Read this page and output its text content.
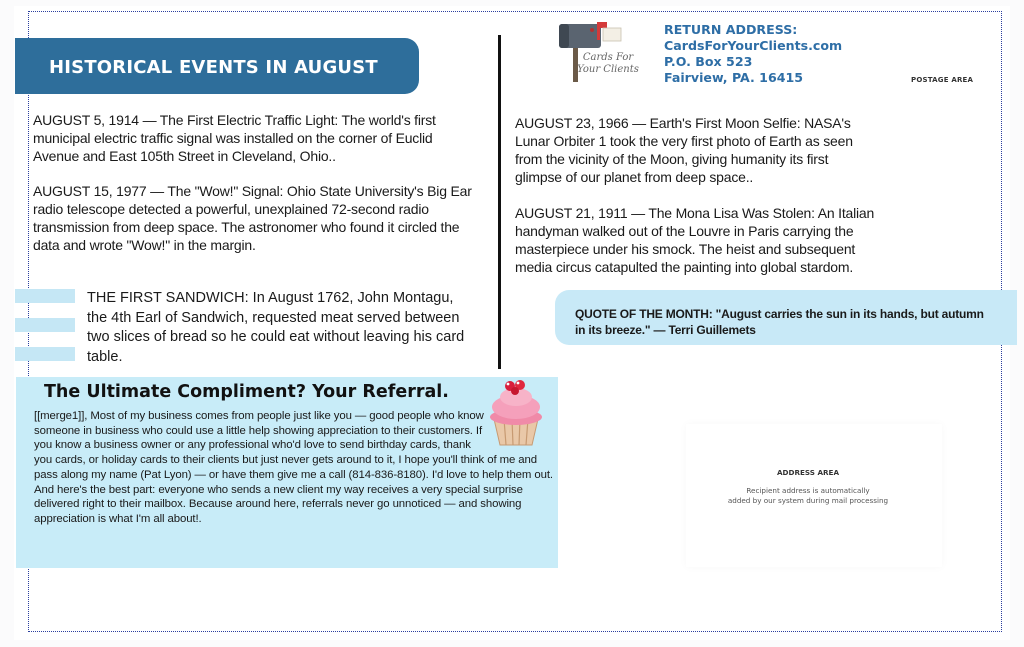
HISTORICAL EVENTS IN AUGUST

AUGUST 5, 1914 — The First Electric Traffic Light: The world's first municipal electric traffic signal was installed on the corner of Euclid Avenue and East 105th Street in Cleveland, Ohio..

AUGUST 15, 1977 — The "Wow!" Signal: Ohio State University's Big Ear radio telescope detected a powerful, unexplained 72-second radio transmission from deep space. The astronomer who found it circled the data and wrote "Wow!" in the margin.

THE FIRST SANDWICH: In August 1762, John Montagu, the 4th Earl of Sandwich, requested meat served between two slices of bread so he could eat without leaving his card table.

AUGUST 23, 1966 — Earth's First Moon Selfie: NASA's Lunar Orbiter 1 took the very first photo of Earth as seen from the vicinity of the Moon, giving humanity its first glimpse of our planet from deep space..

AUGUST 21, 1911 — The Mona Lisa Was Stolen: An Italian handyman walked out of the Louvre in Paris carrying the masterpiece under his smock. The heist and subsequent media circus catapulted the painting into global stardom.

QUOTE OF THE MONTH: "August carries the sun in its hands, but autumn in its breeze." — Terri Guillemets

The Ultimate Compliment? Your Referral.
[[merge1]], Most of my business comes from people just like you — good people who know someone in business who could use a little help showing appreciation to their customers. If you know a business owner or any professional who'd love to send birthday cards, thank you cards, or holiday cards to their clients but just never gets around to it, I hope you'll think of me and pass along my name (Pat Lyon) — or have them give me a call (814-836-8180). I'd love to help them out. And here's the best part: everyone who sends a new client my way receives a very special surprise delivered right to their mailbox. Because around here, referrals never go unnoticed — and showing appreciation is what I'm all about!.
Cards For
Your Clients
RETURN ADDRESS:
CardsForYourClients.com
P.O. Box 523
Fairview, PA. 16415	POSTAGE AREA
ADDRESS AREA
Recipient address is automatically
added by our system during mail processing
